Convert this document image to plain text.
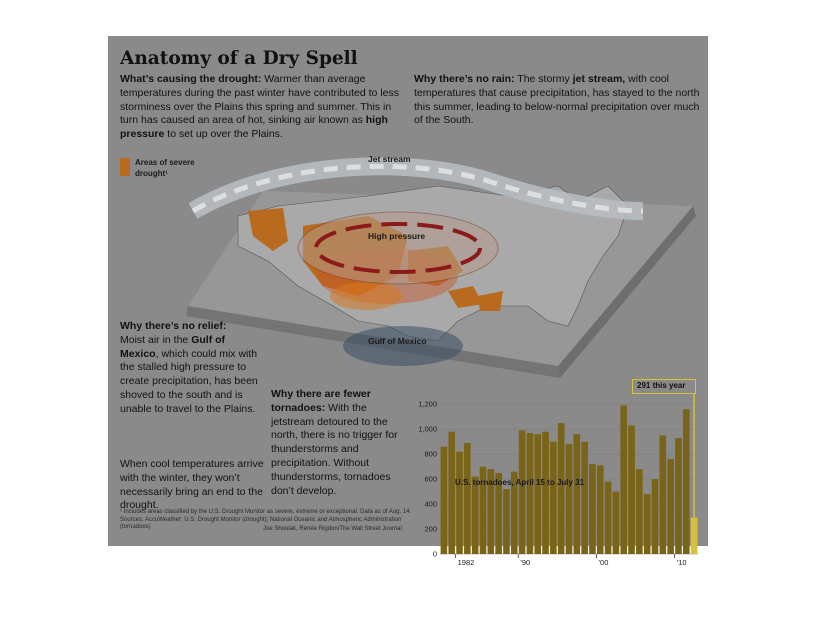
Anatomy of a Dry Spell
What’s causing the drought: Warmer than average temperatures during the past winter have contributed to less storminess over the Plains this spring and summer. This in turn has caused an area of hot, sinking air known as high pressure to set up over the Plains.
Why there’s no rain: The stormy jet stream, with cool temperatures that cause precipitation, has stayed to the north this summer, leading to below-normal precipitation over much of the South.
Areas of severe drought¹
Jet stream
High pressure
Gulf of Mexico
Why there’s no relief:
Moist air in the Gulf of Mexico, which could mix with the stalled high pressure to create precipitation, has been shoved to the south and is unable to travel to the Plains.
When cool temperatures arrive with the winter, they won’t necessarily bring an end to the drought.
Why there are fewer tornadoes: With the jetstream detoured to the north, there is no trigger for thunderstorms and precipitation. Without thunderstorms, tornadoes don’t develop.
0
200
400
600
800
1,000
1,200
1982	’90	’00	’10
291 this year
U.S. tornadoes, April 15 to July 31
¹ Includes areas classified by the U.S. Drought Monitor as severe, extreme or exceptional. Data as of Aug. 14. Sources: AccuWeather; U.S. Drought Monitor (drought); National Oceanic and Atmospheric Administration (tornadoes)	Joe Shoulak, Renée Rigdon/The Wall Street Journal
